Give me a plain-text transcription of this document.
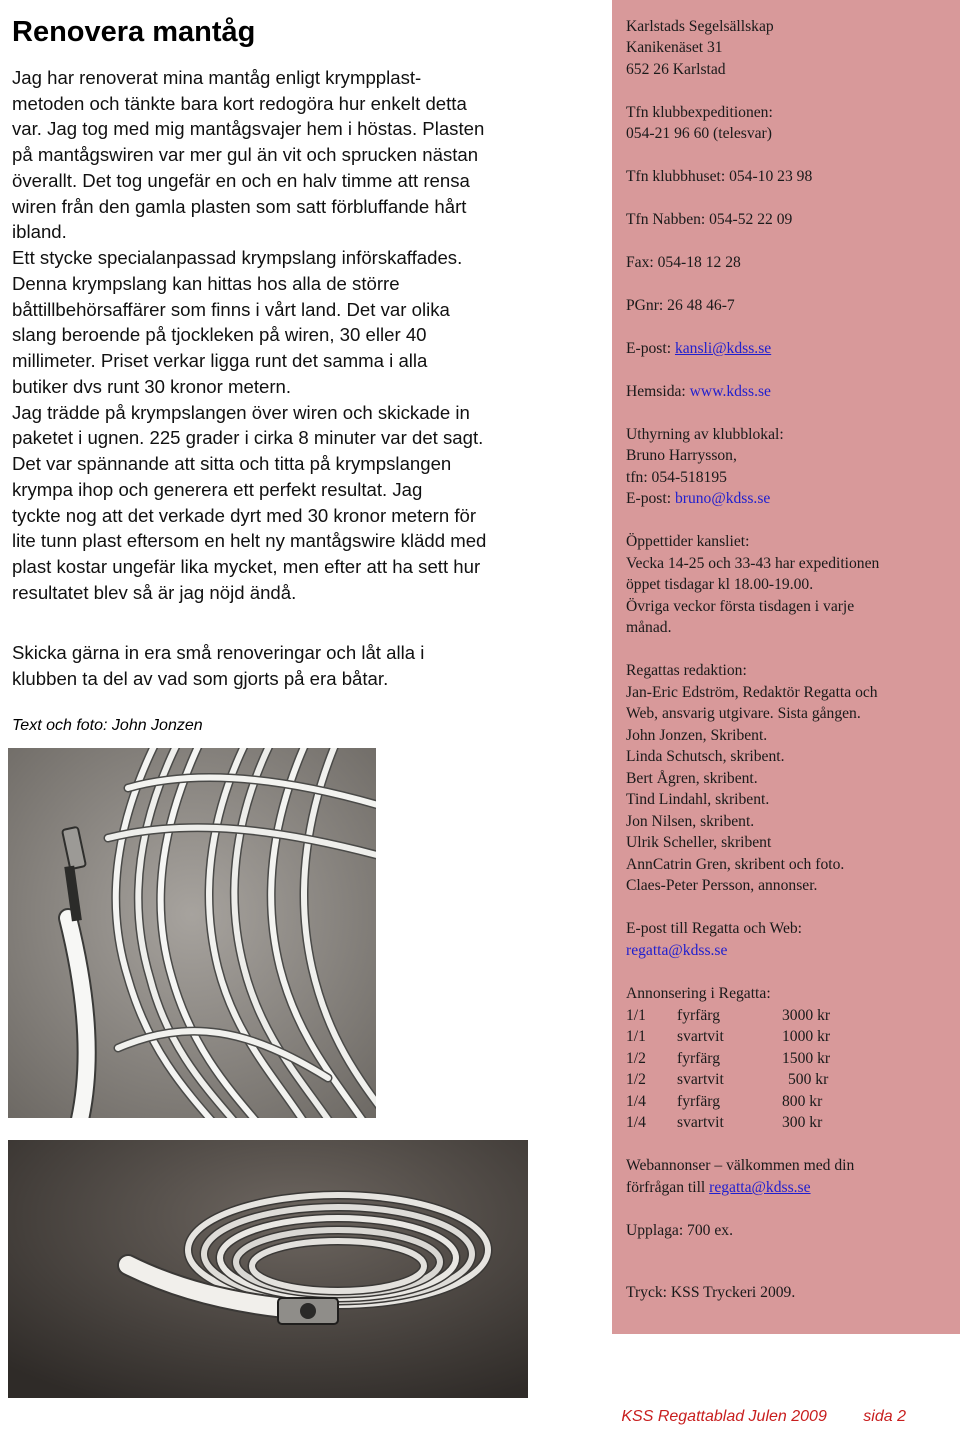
Renovera mantåg
Jag har renoverat mina mantåg enligt krympplast-
metoden och tänkte bara kort redogöra hur enkelt detta
var. Jag tog med mig mantågsvajer hem i höstas. Plasten
på mantågswiren var mer gul än vit och sprucken nästan
överallt. Det tog ungefär en och en halv timme att rensa
wiren från den gamla plasten som satt förbluffande hårt
ibland.
Ett stycke specialanpassad krympslang införskaffades.
Denna krympslang kan hittas hos alla de större
båttillbehörsaffärer som finns i vårt land. Det var olika
slang beroende på tjockleken på wiren, 30 eller 40
millimeter. Priset verkar ligga runt det samma i alla
butiker dvs runt 30 kronor metern.
Jag trädde på krympslangen över wiren och skickade in
paketet i ugnen. 225 grader i cirka 8 minuter var det sagt.
Det var spännande att sitta och titta på krympslangen
krympa ihop och generera ett perfekt resultat. Jag
tyckte nog att det verkade dyrt med 30 kronor metern för
lite tunn plast eftersom en helt ny mantågswire klädd med
plast kostar ungefär lika mycket, men efter att ha sett hur
resultatet blev så är jag nöjd ändå.
Skicka gärna in era små renoveringar och låt alla i
klubben ta del av vad som gjorts på era båtar.
Text och foto: John Jonzen
Karlstads Segelsällskap
Kanikenäset 31
652 26 Karlstad
Tfn klubbexpeditionen:
054-21 96 60 (telesvar)
Tfn klubbhuset: 054-10 23 98
Tfn Nabben: 054-52 22 09
Fax: 054-18 12 28
PGnr: 26 48 46-7
E-post: kansli@kdss.se
Hemsida: www.kdss.se
Uthyrning av klubblokal:
Bruno Harrysson,
tfn: 054-518195
E-post: bruno@kdss.se
Öppettider kansliet:
Vecka 14-25 och 33-43 har expeditionen
öppet tisdagar kl 18.00-19.00.
Övriga veckor första tisdagen i varje
månad.
Regattas redaktion:
Jan-Eric Edström, Redaktör Regatta och
Web, ansvarig utgivare. Sista gången.
John Jonzen, Skribent.
Linda Schutsch, skribent.
Bert Ågren, skribent.
Tind Lindahl, skribent.
Jon Nilsen, skribent.
Ulrik Scheller, skribent
AnnCatrin Gren, skribent och foto.
Claes-Peter Persson, annonser.
E-post till Regatta och Web:
regatta@kdss.se
Annonsering i Regatta:
1/1 fyrfärg	3000 kr
1/1 svartvit	1000 kr
1/2 fyrfärg	1500 kr
1/2 svartvit	500 kr
1/4 fyrfärg	800 kr
1/4 svartvit	300 kr
Webannonser – välkommen med din
förfrågan till regatta@kdss.se
Upplaga: 700 ex.
Tryck: KSS Tryckeri 2009.
KSS Regattablad Julen 2009 sida 2
